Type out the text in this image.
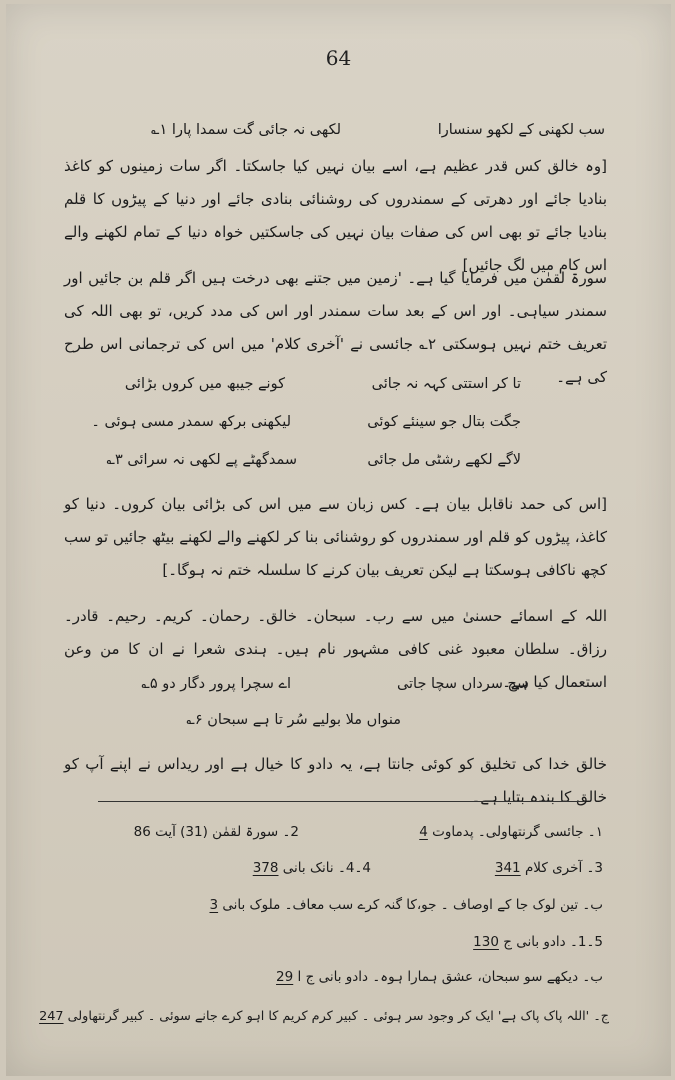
64
سب لکھنی کے لکھو سنسارا
لکھی نہ جائی گت سمدا پارا ۱؎
[وہ خالق کس قدر عظیم ہے، اسے بیان نہیں کیا جاسکتا۔ اگر سات زمینوں کو کاغذ بنادیا جائے اور دھرتی کے سمندروں کی روشنائی بنادی جائے اور دنیا کے پیڑوں کا قلم بنادیا جائے تو بھی اس کی صفات بیان نہیں کی جاسکتیں خواہ دنیا کے تمام لکھنے والے اس کام میں لگ جائیں]
سورۃ لقمٰن میں فرمایا گیا ہے۔ 'زمین میں جتنے بھی درخت ہیں اگر قلم بن جائیں اور سمندر سیاہی۔ اور اس کے بعد سات سمندر اور اس کی مدد کریں، تو بھی اللہ کی تعریف ختم نہیں ہوسکتی ۲؎ جائسی نے 'آخری کلام' میں اس کی ترجمانی اس طرح کی ہے۔
تا کر استتی کہہ نہ جائی
کونے جیبھ میں کروں بڑائی
جگت بتال جو سینئے کوئی
لیکھنی برکھ سمدر مسی ہوئی ۔
لاگے لکھے رشٹی مل جائی
سمدگھٹے پے لکھی نہ سرائی ۳؎
[اس کی حمد ناقابل بیان ہے۔ کس زبان سے میں اس کی بڑائی بیان کروں۔ دنیا کو کاغذ، پیڑوں کو قلم اور سمندروں کو روشنائی بنا کر لکھنے والے لکھنے بیٹھ جائیں تو سب کچھ ناکافی ہوسکتا ہے لیکن تعریف بیان کرنے کا سلسلہ ختم نہ ہوگا۔]
اللہ کے اسمائے حسنیٰ میں سے رب۔ سبحان۔ خالق۔ رحمان۔ کریم۔ رحیم۔ قادر۔ رزاق۔ سلطان معبود غنی کافی مشہور نام ہیں۔ ہندی شعرا نے ان کا من وعن استعمال کیا ہے۔
سچ سرداں سچا جاتی
اے سچرا پرور دگار دو ۵؎
منواں ملا بولیے سُر تا ہے سبحان ۶؎
خالق خدا کی تخلیق کو کوئی جانتا ہے، یہ دادو کا خیال ہے اور ریداس نے اپنے آپ کو خالق کا بندہ بتایا ہے۔
۱۔ جائسی گرنتھاولی۔ پدماوت 4
2۔ سورۃ لقمٰن (31) آیت 86
3۔ آخری کلام 341
4۔4۔ نانک بانی 378
ب۔ تین لوک جا کے اوصاف ۔ جو،کا گنہ کرے سب معاف۔ ملوک بانی 3
5۔1۔ دادو بانی ج 130
ب۔ دیکھے سو سبحان، عشق ہمارا ہوہ۔ دادو بانی ج ا 29
ج۔ 'اللہ پاک پاک ہے' ایک کر وجود سر ہوئی ۔ کبیر کرم کریم کا اہو کرے جانے سوئی ۔ کبیر گرنتھاولی 247
